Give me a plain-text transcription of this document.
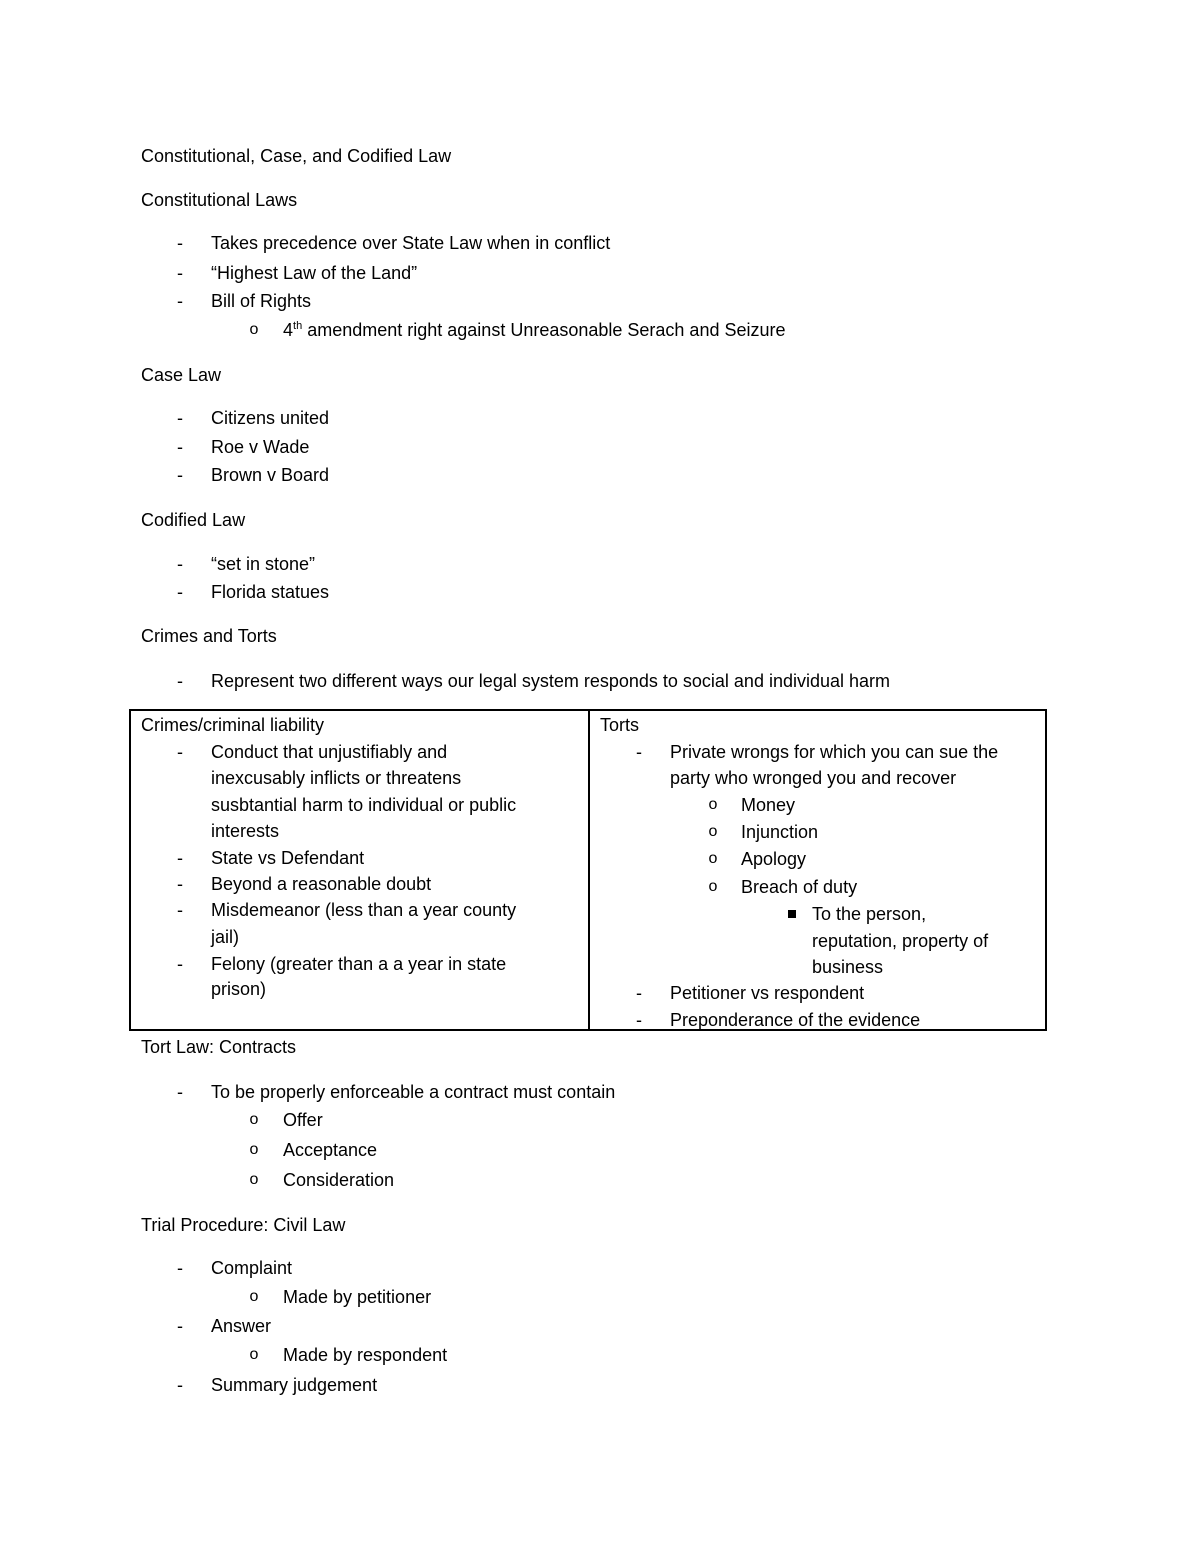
Constitutional, Case, and Codified Law
Constitutional Laws
- Takes precedence over State Law when in conflict
- “Highest Law of the Land”
- Bill of Rights
o 4th amendment right against Unreasonable Serach and Seizure
Case Law
- Citizens united
- Roe v Wade
- Brown v Board
Codified Law
- “set in stone”
- Florida statues
Crimes and Torts
- Represent two different ways our legal system responds to social and individual harm
Crimes/criminal liability
- Conduct that unjustifiably and
inexcusably inflicts or threatens
susbtantial harm to individual or public
interests
- State vs Defendant
- Beyond a reasonable doubt
- Misdemeanor (less than a year county
jail)
- Felony (greater than a a year in state
prison)
Torts
- Private wrongs for which you can sue the
party who wronged you and recover
o Money
o Injunction
o Apology
o Breach of duty
To the person,
reputation, property of
business
- Petitioner vs respondent
- Preponderance of the evidence
Tort Law: Contracts
- To be properly enforceable a contract must contain
o Offer
o Acceptance
o Consideration
Trial Procedure: Civil Law
- Complaint
o Made by petitioner
- Answer
o Made by respondent
- Summary judgement
